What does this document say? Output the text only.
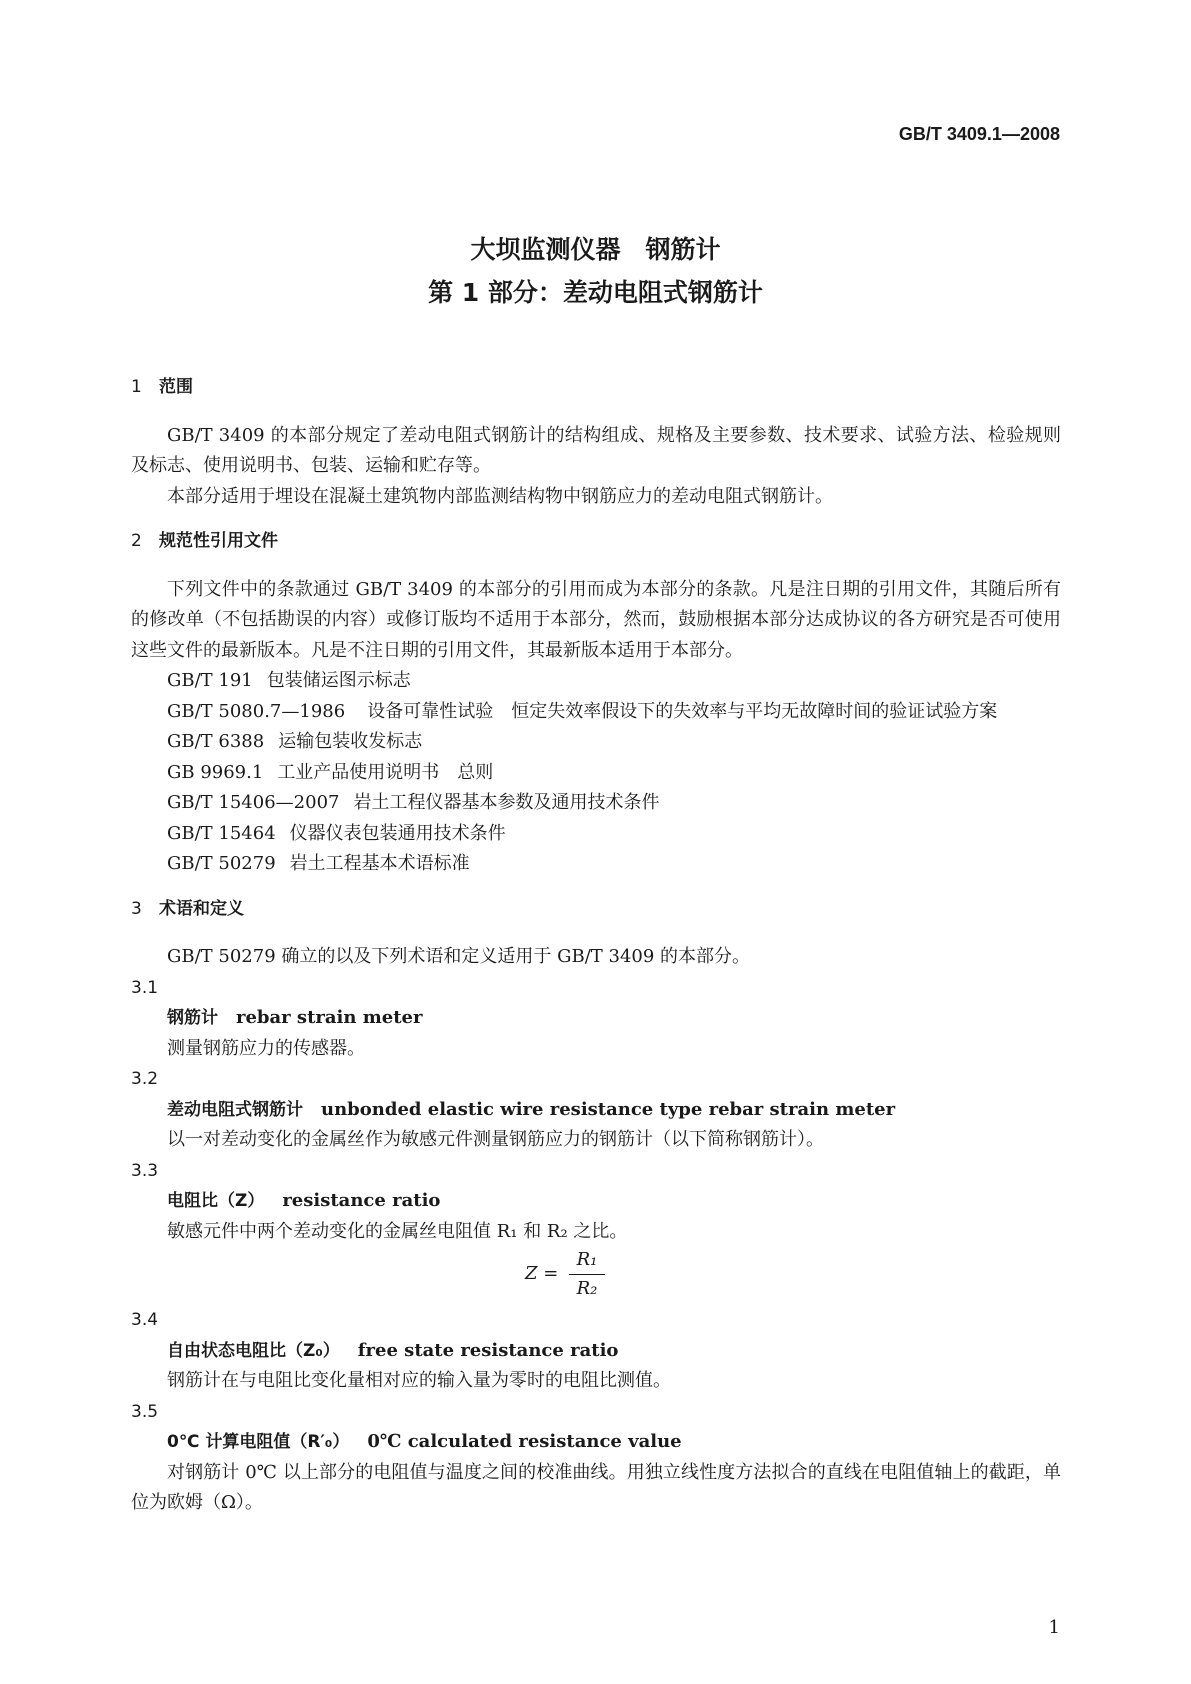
GB/T 3409.1—2008
大坝监测仪器　钢筋计
第 1 部分：差动电阻式钢筋计
1 范围

GB/T 3409 的本部分规定了差动电阻式钢筋计的结构组成、规格及主要参数、技术要求、试验方法、检验规则及标志、使用说明书、包装、运输和贮存等。

本部分适用于埋设在混凝土建筑物内部监测结构物中钢筋应力的差动电阻式钢筋计。

2 规范性引用文件

下列文件中的条款通过 GB/T 3409 的本部分的引用而成为本部分的条款。凡是注日期的引用文件，其随后所有的修改单（不包括勘误的内容）或修订版均不适用于本部分，然而，鼓励根据本部分达成协议的各方研究是否可使用这些文件的最新版本。凡是不注日期的引用文件，其最新版本适用于本部分。

GB/T 191 包装储运图示标志

GB/T 5080.7—1986 设备可靠性试验　恒定失效率假设下的失效率与平均无故障时间的验证试验方案

GB/T 6388 运输包装收发标志

GB 9969.1 工业产品使用说明书　总则

GB/T 15406—2007 岩土工程仪器基本参数及通用技术条件

GB/T 15464 仪器仪表包装通用技术条件

GB/T 50279 岩土工程基本术语标准

3 术语和定义

GB/T 50279 确立的以及下列术语和定义适用于 GB/T 3409 的本部分。

3.1

钢筋计 rebar strain meter

测量钢筋应力的传感器。

3.2

差动电阻式钢筋计 unbonded elastic wire resistance type rebar strain meter

以一对差动变化的金属丝作为敏感元件测量钢筋应力的钢筋计（以下简称钢筋计）。

3.3

电阻比（Z） resistance ratio

敏感元件中两个差动变化的金属丝电阻值 R₁ 和 R₂ 之比。

Z =
R₁
R₂

3.4

自由状态电阻比（Z₀） free state resistance ratio

钢筋计在与电阻比变化量相对应的输入量为零时的电阻比测值。

3.5

0℃ 计算电阻值（R′₀） 0℃ calculated resistance value

对钢筋计 0℃ 以上部分的电阻值与温度之间的校准曲线。用独立线性度方法拟合的直线在电阻值轴上的截距，单位为欧姆（Ω）。

1
